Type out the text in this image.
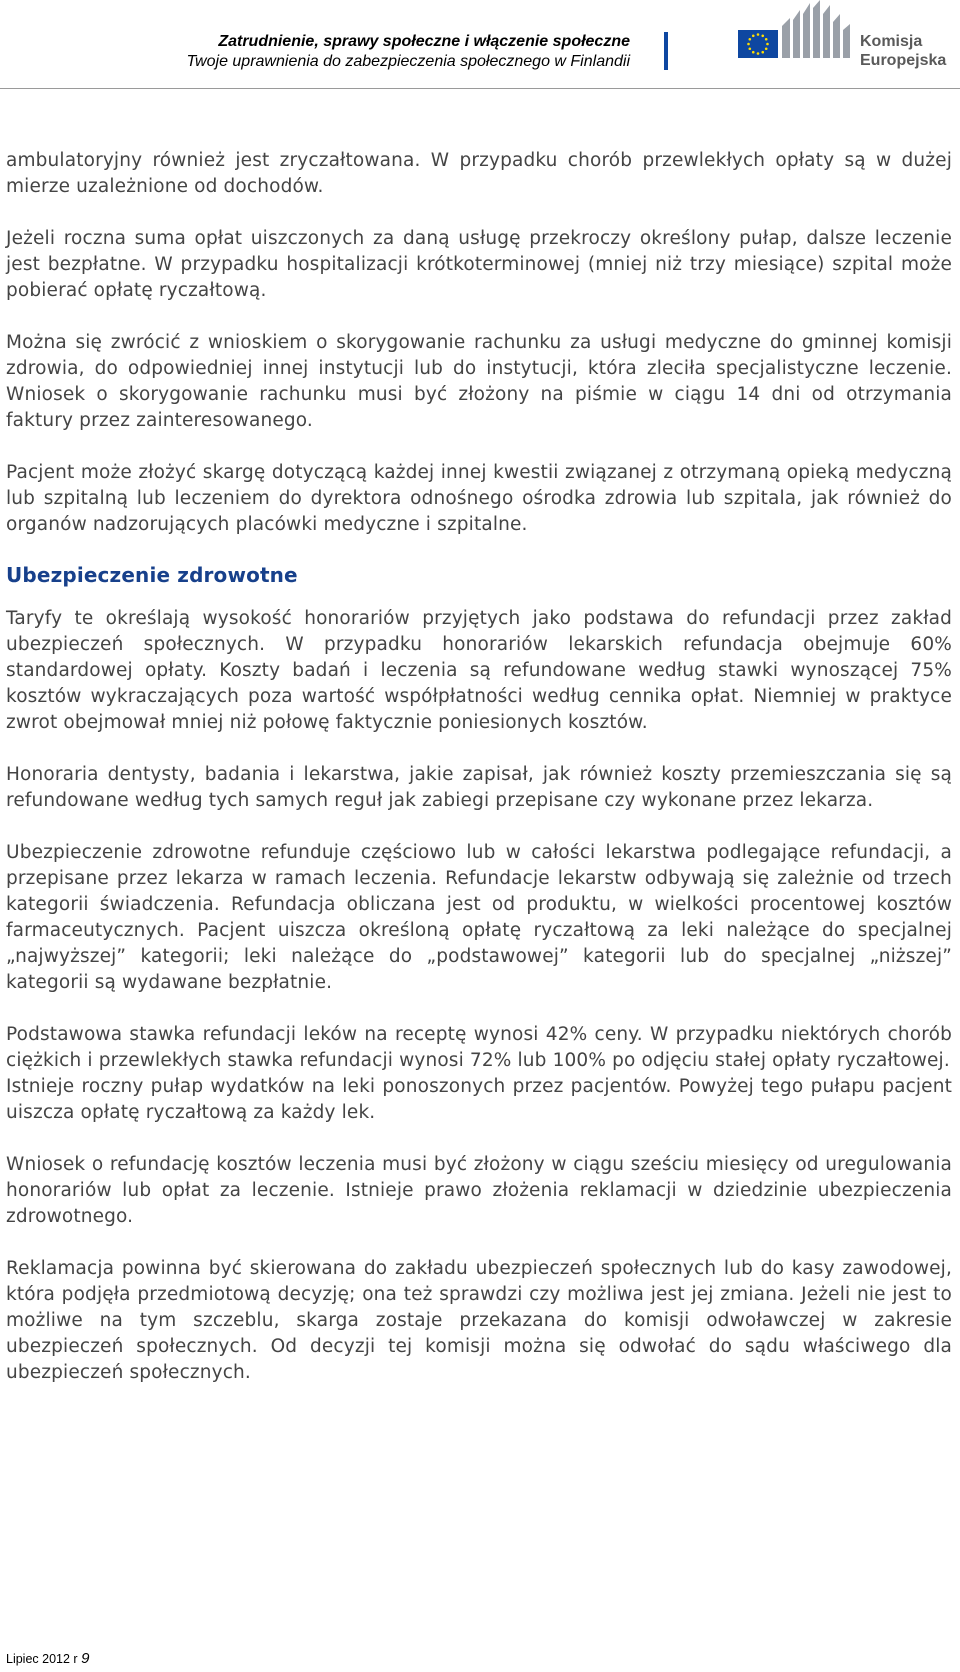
Zatrudnienie, sprawy społeczne i włączenie społeczne
Twoje uprawnienia do zabezpieczenia społecznego w Finlandii
Komisja
Europejska

ambulatoryjny również jest zryczałtowana. W przypadku chorób przewlekłych opłaty są w dużej mierze uzależnione od dochodów.

Jeżeli roczna suma opłat uiszczonych za daną usługę przekroczy określony pułap, dalsze leczenie jest bezpłatne. W przypadku hospitalizacji krótkoterminowej (mniej niż trzy miesiące) szpital może pobierać opłatę ryczałtową.

Można się zwrócić z wnioskiem o skorygowanie rachunku za usługi medyczne do gminnej komisji zdrowia, do odpowiedniej innej instytucji lub do instytucji, która zleciła specjalistyczne leczenie. Wniosek o skorygowanie rachunku musi być złożony na piśmie w ciągu 14 dni od otrzymania faktury przez zainteresowanego.

Pacjent może złożyć skargę dotyczącą każdej innej kwestii związanej z otrzymaną opieką medyczną lub szpitalną lub leczeniem do dyrektora odnośnego ośrodka zdrowia lub szpitala, jak również do organów nadzorujących placówki medyczne i szpitalne.

Ubezpieczenie zdrowotne

Taryfy te określają wysokość honorariów przyjętych jako podstawa do refundacji przez zakład ubezpieczeń społecznych. W przypadku honorariów lekarskich refundacja obejmuje 60% standardowej opłaty. Koszty badań i leczenia są refundowane według stawki wynoszącej 75% kosztów wykraczających poza wartość współpłatności według cennika opłat. Niemniej w praktyce zwrot obejmował mniej niż połowę faktycznie poniesionych kosztów.

Honoraria dentysty, badania i lekarstwa, jakie zapisał, jak również koszty przemieszczania się są refundowane według tych samych reguł jak zabiegi przepisane czy wykonane przez lekarza.

Ubezpieczenie zdrowotne refunduje częściowo lub w całości lekarstwa podlegające refundacji, a przepisane przez lekarza w ramach leczenia. Refundacje lekarstw odbywają się zależnie od trzech kategorii świadczenia. Refundacja obliczana jest od produktu, w wielkości procentowej kosztów farmaceutycznych. Pacjent uiszcza określoną opłatę ryczałtową za leki należące do specjalnej „najwyższej” kategorii; leki należące do „podstawowej” kategorii lub do specjalnej „niższej” kategorii są wydawane bezpłatnie.

Podstawowa stawka refundacji leków na receptę wynosi 42% ceny. W przypadku niektórych chorób ciężkich i przewlekłych stawka refundacji wynosi 72% lub 100% po odjęciu stałej opłaty ryczałtowej.

Istnieje roczny pułap wydatków na leki ponoszonych przez pacjentów. Powyżej tego pułapu pacjent uiszcza opłatę ryczałtową za każdy lek.

Wniosek o refundację kosztów leczenia musi być złożony w ciągu sześciu miesięcy od uregulowania honorariów lub opłat za leczenie. Istnieje prawo złożenia reklamacji w dziedzinie ubezpieczenia zdrowotnego.

Reklamacja powinna być skierowana do zakładu ubezpieczeń społecznych lub do kasy zawodowej, która podjęła przedmiotową decyzję; ona też sprawdzi czy możliwa jest jej zmiana. Jeżeli nie jest to możliwe na tym szczeblu, skarga zostaje przekazana do komisji odwoławczej w zakresie ubezpieczeń społecznych. Od decyzji tej komisji można się odwołać do sądu właściwego dla ubezpieczeń społecznych.

Lipiec 2012 r 9
